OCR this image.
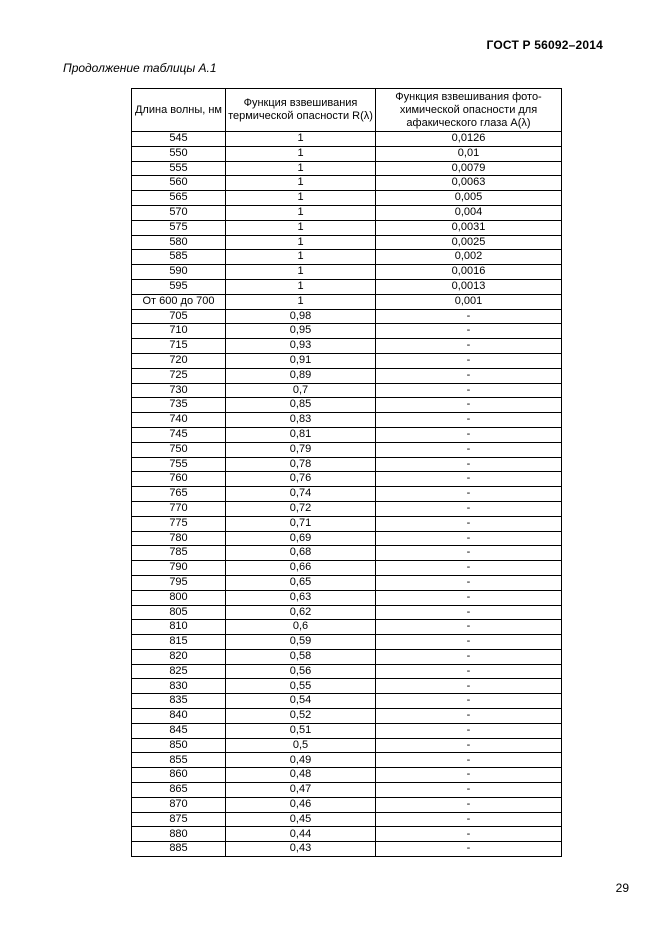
ГОСТ Р 56092–2014
Продолжение таблицы А.1
Длина волны, нм	Функция взвешивания термической опасности R(λ)	Функция взвешивания фото-химической опасности для афакического глаза A(λ)
545	1	0,0126
550	1	0,01
555	1	0,0079
560	1	0,0063
565	1	0,005
570	1	0,004
575	1	0,0031
580	1	0,0025
585	1	0,002
590	1	0,0016
595	1	0,0013
От 600 до 700	1	0,001
705	0,98	-
710	0,95	-
715	0,93	-
720	0,91	-
725	0,89	-
730	0,7	-
735	0,85	-
740	0,83	-
745	0,81	-
750	0,79	-
755	0,78	-
760	0,76	-
765	0,74	-
770	0,72	-
775	0,71	-
780	0,69	-
785	0,68	-
790	0,66	-
795	0,65	-
800	0,63	-
805	0,62	-
810	0,6	-
815	0,59	-
820	0,58	-
825	0,56	-
830	0,55	-
835	0,54	-
840	0,52	-
845	0,51	-
850	0,5	-
855	0,49	-
860	0,48	-
865	0,47	-
870	0,46	-
875	0,45	-
880	0,44	-
885	0,43	-
29
